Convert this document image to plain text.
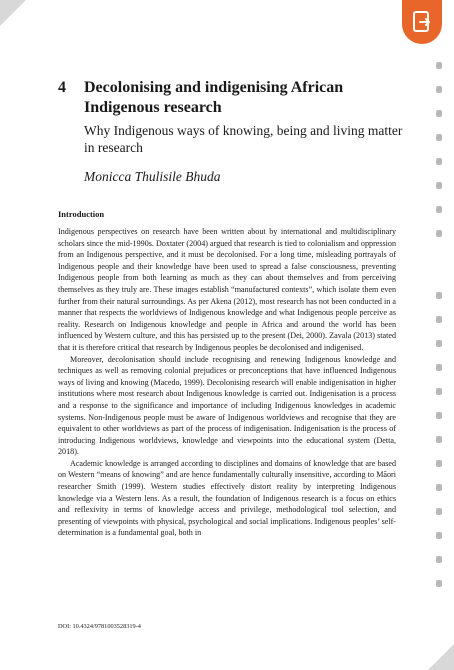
4 Decolonising and indigenising African Indigenous research

Why Indigenous ways of knowing, being and living matter in research

Monicca Thulisile Bhuda

Introduction

Indigenous perspectives on research have been written about by international and multidisciplinary scholars since the mid-1990s. Doxtater (2004) argued that research is tied to colonialism and oppression from an Indigenous perspective, and it must be decolonised. For a long time, misleading portrayals of Indigenous people and their knowledge have been used to spread a false consciousness, preventing Indigenous people from both learning as much as they can about themselves and from perceiving themselves as they truly are. These images establish “manufactured contexts”, which isolate them even further from their natural surroundings. As per Akena (2012), most research has not been conducted in a manner that respects the worldviews of Indigenous knowledge and what Indigenous people perceive as reality. Research on Indigenous knowledge and people in Africa and around the world has been influenced by Western culture, and this has persisted up to the present (Dei, 2000). Zavala (2013) stated that it is therefore critical that research by Indigenous peoples be decolonised and indigenised.

Moreover, decolonisation should include recognising and renewing Indigenous knowledge and techniques as well as removing colonial prejudices or preconceptions that have influenced Indigenous ways of living and knowing (Macedo, 1999). Decolonising research will enable indigenisation in higher institutions where most research about Indigenous knowledge is carried out. Indigenisation is a process and a response to the significance and importance of including Indigenous knowledges in academic systems. Non-Indigenous people must be aware of Indigenous worldviews and recognise that they are equivalent to other worldviews as part of the process of indigenisation. Indigenisation is the process of introducing Indigenous worldviews, knowledge and viewpoints into the educational system (Detta, 2018).

Academic knowledge is arranged according to disciplines and domains of knowledge that are based on Western “means of knowing” and are hence fundamentally culturally insensitive, according to Māori researcher Smith (1999). Western studies effectively distort reality by interpreting Indigenous knowledge via a Western lens. As a result, the foundation of Indigenous research is a focus on ethics and reflexivity in terms of knowledge access and privilege, methodological tool selection, and presenting of viewpoints with physical, psychological and social implications. Indigenous peoples’ self-determination is a fundamental goal, both in

DOI: 10.4324/9781003528319-4
